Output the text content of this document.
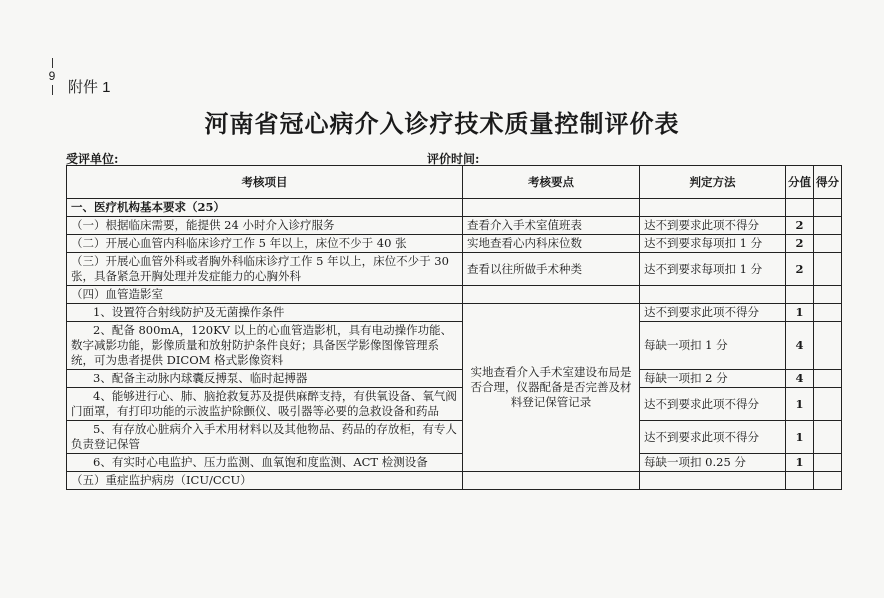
9
附件 1
河南省冠心病介入诊疗技术质量控制评价表
受评单位:	评价时间:
考核项目	考核要点	判定方法	分值	得分
一、医疗机构基本要求（25）				
（一）根据临床需要，能提供 24 小时介入诊疗服务	查看介入手术室值班表	达不到要求此项不得分	2	
（二）开展心血管内科临床诊疗工作 5 年以上，床位不少于 40 张	实地查看心内科床位数	达不到要求每项扣 1 分	2	
（三）开展心血管外科或者胸外科临床诊疗工作 5 年以上，床位不少于 30 张，具备紧急开胸处理并发症能力的心胸外科	查看以往所做手术种类	达不到要求每项扣 1 分	2	
（四）血管造影室				
1、设置符合射线防护及无菌操作条件	实地查看介入手术室建设布局是否合理，仪器配备是否完善及材料登记保管记录	达不到要求此项不得分	1	
2、配备 800mA，120KV 以上的心血管造影机，具有电动操作功能、数字减影功能，影像质量和放射防护条件良好；具备医学影像图像管理系统，可为患者提供 DICOM 格式影像资料		每缺一项扣 1 分	4	
3、配备主动脉内球囊反搏泵、临时起搏器		每缺一项扣 2 分	4	
4、能够进行心、肺、脑抢救复苏及提供麻醉支持，有供氧设备、氧气阀门面罩，有打印功能的示波监护除颤仪、吸引器等必要的急救设备和药品		达不到要求此项不得分	1	
5、有存放心脏病介入手术用材料以及其他物品、药品的存放柜，有专人负责登记保管		达不到要求此项不得分	1	
6、有实时心电监护、压力监测、血氧饱和度监测、ACT 检测设备		每缺一项扣 0.25 分	1	
（五）重症监护病房（ICU/CCU）				
